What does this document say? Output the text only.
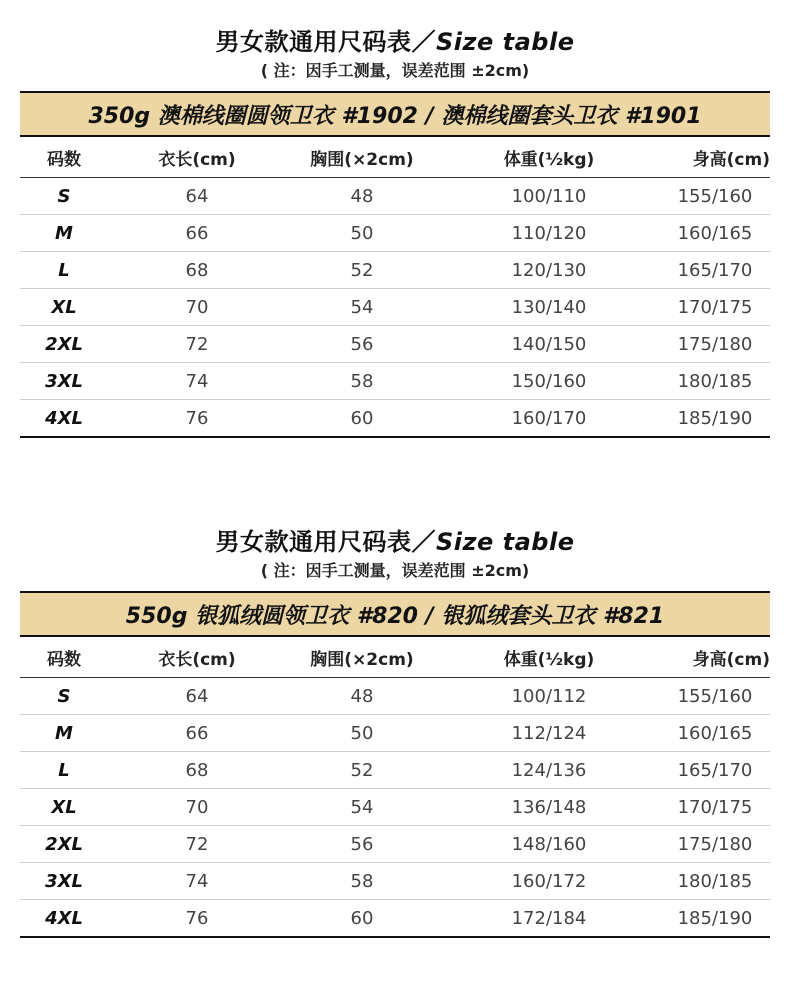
男女款通用尺码表／Size table
( 注：因手工测量，误差范围 ±2cm)
350g 澳棉线圈圆领卫衣 #1902 / 澳棉线圈套头卫衣 #1901
码数	衣长(cm)	胸围(×2cm)	体重(½kg)	身高(cm)
S	64	48	100/110	155/160
M	66	50	110/120	160/165
L	68	52	120/130	165/170
XL	70	54	130/140	170/175
2XL	72	56	140/150	175/180
3XL	74	58	150/160	180/185
4XL	76	60	160/170	185/190
男女款通用尺码表／Size table
( 注：因手工测量，误差范围 ±2cm)
550g 银狐绒圆领卫衣 #820 / 银狐绒套头卫衣 #821
码数	衣长(cm)	胸围(×2cm)	体重(½kg)	身高(cm)
S	64	48	100/112	155/160
M	66	50	112/124	160/165
L	68	52	124/136	165/170
XL	70	54	136/148	170/175
2XL	72	56	148/160	175/180
3XL	74	58	160/172	180/185
4XL	76	60	172/184	185/190
